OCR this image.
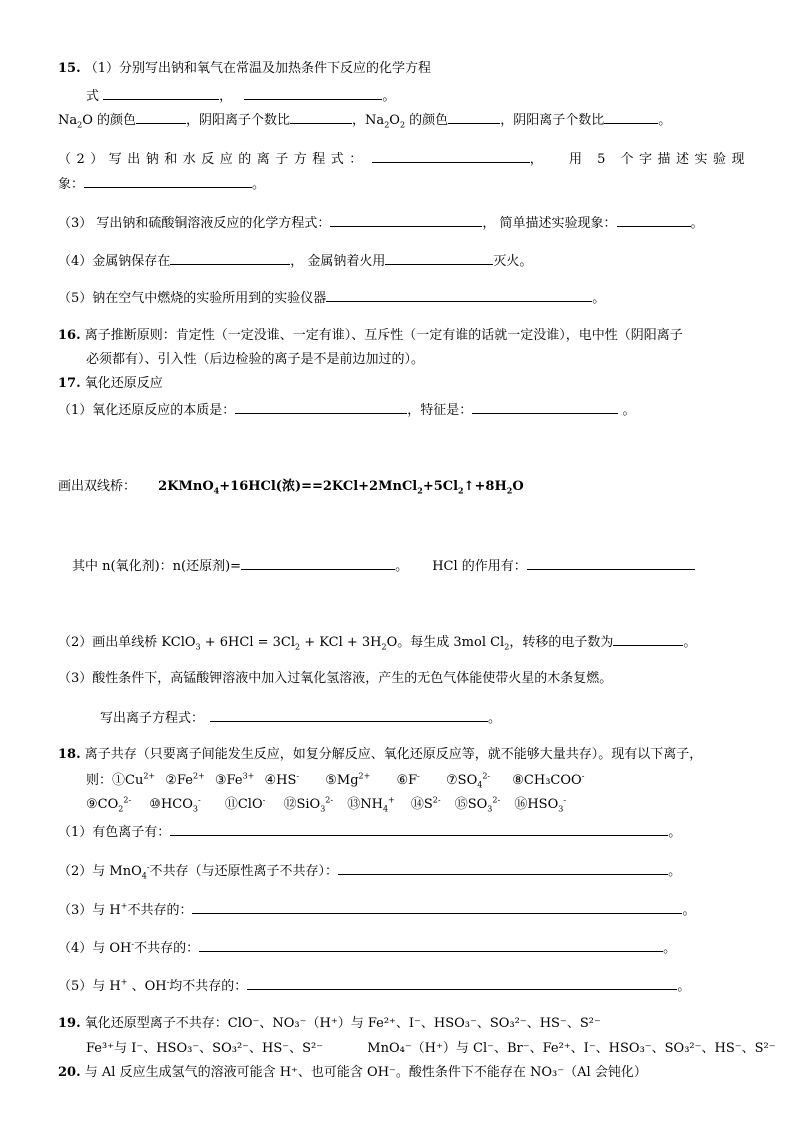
15. （1）分别写出钠和氧气在常温及加热条件下反应的化学方程
式	，	。
$Na_2O$ 的颜色	，阴阳离子个数比	，$Na_2O_2$ 的颜色	，阴阳离子个数比	。
（2）写出钠和水反应的离子方程式：	， 用 5 个字描述实验现
象：	。
（3） 写出钠和硫酸铜溶液反应的化学方程式：	， 简单描述实验现象：	。
（4）金属钠保存在	， 金属钠着火用	灭火。
（5）钠在空气中燃烧的实验所用到的实验仪器	。
16. 离子推断原则：肯定性（一定没谁、一定有谁）、互斥性（一定有谁的话就一定没谁），电中性（阴阳离子
必须都有）、引入性（后边检验的离子是不是前边加过的）。
17. 氧化还原反应
（1）氧化还原反应的本质是：	，特征是：	。
画出双线桥： 2KMnO$_4$+16HCl(浓)$==2KCl+2MnCl_2+5Cl_2↑+8H_2O$
其中 n(氧化剂)：n(还原剂)=	。 HCl 的作用有：
（2）画出单线桥 KClO$_3$ + $6HCl = 3Cl_2$ + KCl + $3H_2O$。每生成 3mol $Cl_2$，转移的电子数为	。
（3）酸性条件下，高锰酸钾溶液中加入过氧化氢溶液，产生的无色气体能使带火星的木条复燃。
写出离子方程式：	。
18. 离子共存（只要离子间能发生反应，如复分解反应、氧化还原反应等，就不能够大量共存）。现有以下离子，
则：$①Cu^{2+}$ $②Fe^{2+}$ $③Fe^{3+}$ ④HS- $⑤Mg^{2+}$ ⑥F- $⑦SO_4^{2-}$ ⑧CH₃COO-
$⑨CO_2^{2-}$ $⑩HCO_3^-$ ⑪ClO- ⑫SiO$_3^{2-}$ $⑬NH_4^+$ $⑭S^{2-}$ $⑮SO_3^{2-}$ $⑯HSO_3^-$
（1）有色离子有：	。
（2）与 MnO$_4$-不共存（与还原性离子不共存）：	。
（3）与 H+不共存的：	。
（4）与 OH-不共存的：	。
（5）与 H+ 、OH-均不共存的：	。
19. 氧化还原型离子不共存：ClO⁻、NO₃⁻（H⁺）与 Fe²⁺、I⁻、HSO₃⁻、SO₃²⁻、HS⁻、S²⁻
Fe³⁺与 I⁻、HSO₃⁻、SO₃²⁻、HS⁻、S²⁻	MnO₄⁻（H⁺）与 Cl⁻、Br⁻、Fe²⁺、I⁻、HSO₃⁻、SO₃²⁻、HS⁻、S²⁻
20. 与 Al 反应生成氢气的溶液可能含 H⁺、也可能含 OH⁻。酸性条件下不能存在 NO₃⁻（Al 会钝化）
